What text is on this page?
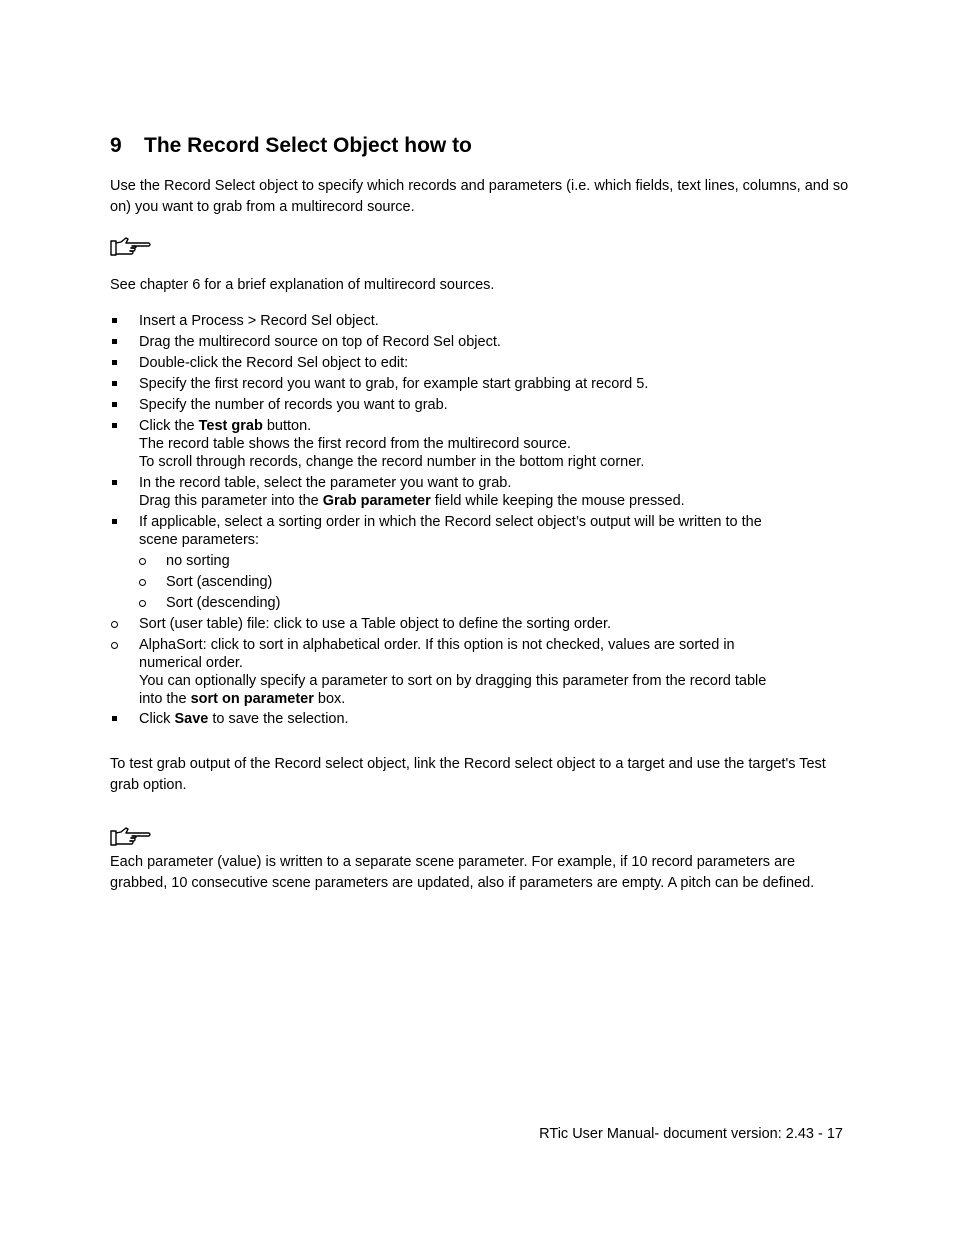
9 The Record Select Object how to

Use the Record Select object to specify which records and parameters (i.e. which fields, text lines, columns, and so on) you want to grab from a multirecord source.

See chapter 6 for a brief explanation of multirecord sources.

Insert a Process > Record Sel object.
Drag the multirecord source on top of Record Sel object.
Double-click the Record Sel object to edit:
Specify the first record you want to grab, for example start grabbing at record 5.
Specify the number of records you want to grab.
Click the Test grab button.
The record table shows the first record from the multirecord source.
To scroll through records, change the record number in the bottom right corner.
In the record table, select the parameter you want to grab.
Drag this parameter into the Grab parameter field while keeping the mouse pressed.
If applicable, select a sorting order in which the Record select object’s output will be written to the
scene parameters:
no sorting
Sort (ascending)
Sort (descending)
Sort (user table) file: click to use a Table object to define the sorting order.
AlphaSort: click to sort in alphabetical order. If this option is not checked, values are sorted in
numerical order.
You can optionally specify a parameter to sort on by dragging this parameter from the record table
into the sort on parameter box.
Click Save to save the selection.

To test grab output of the Record select object, link the Record select object to a target and use the target's Test grab option.

Each parameter (value) is written to a separate scene parameter. For example, if 10 record parameters are grabbed, 10 consecutive scene parameters are updated, also if parameters are empty. A pitch can be defined.

RTic User Manual- document version: 2.43 - 17
